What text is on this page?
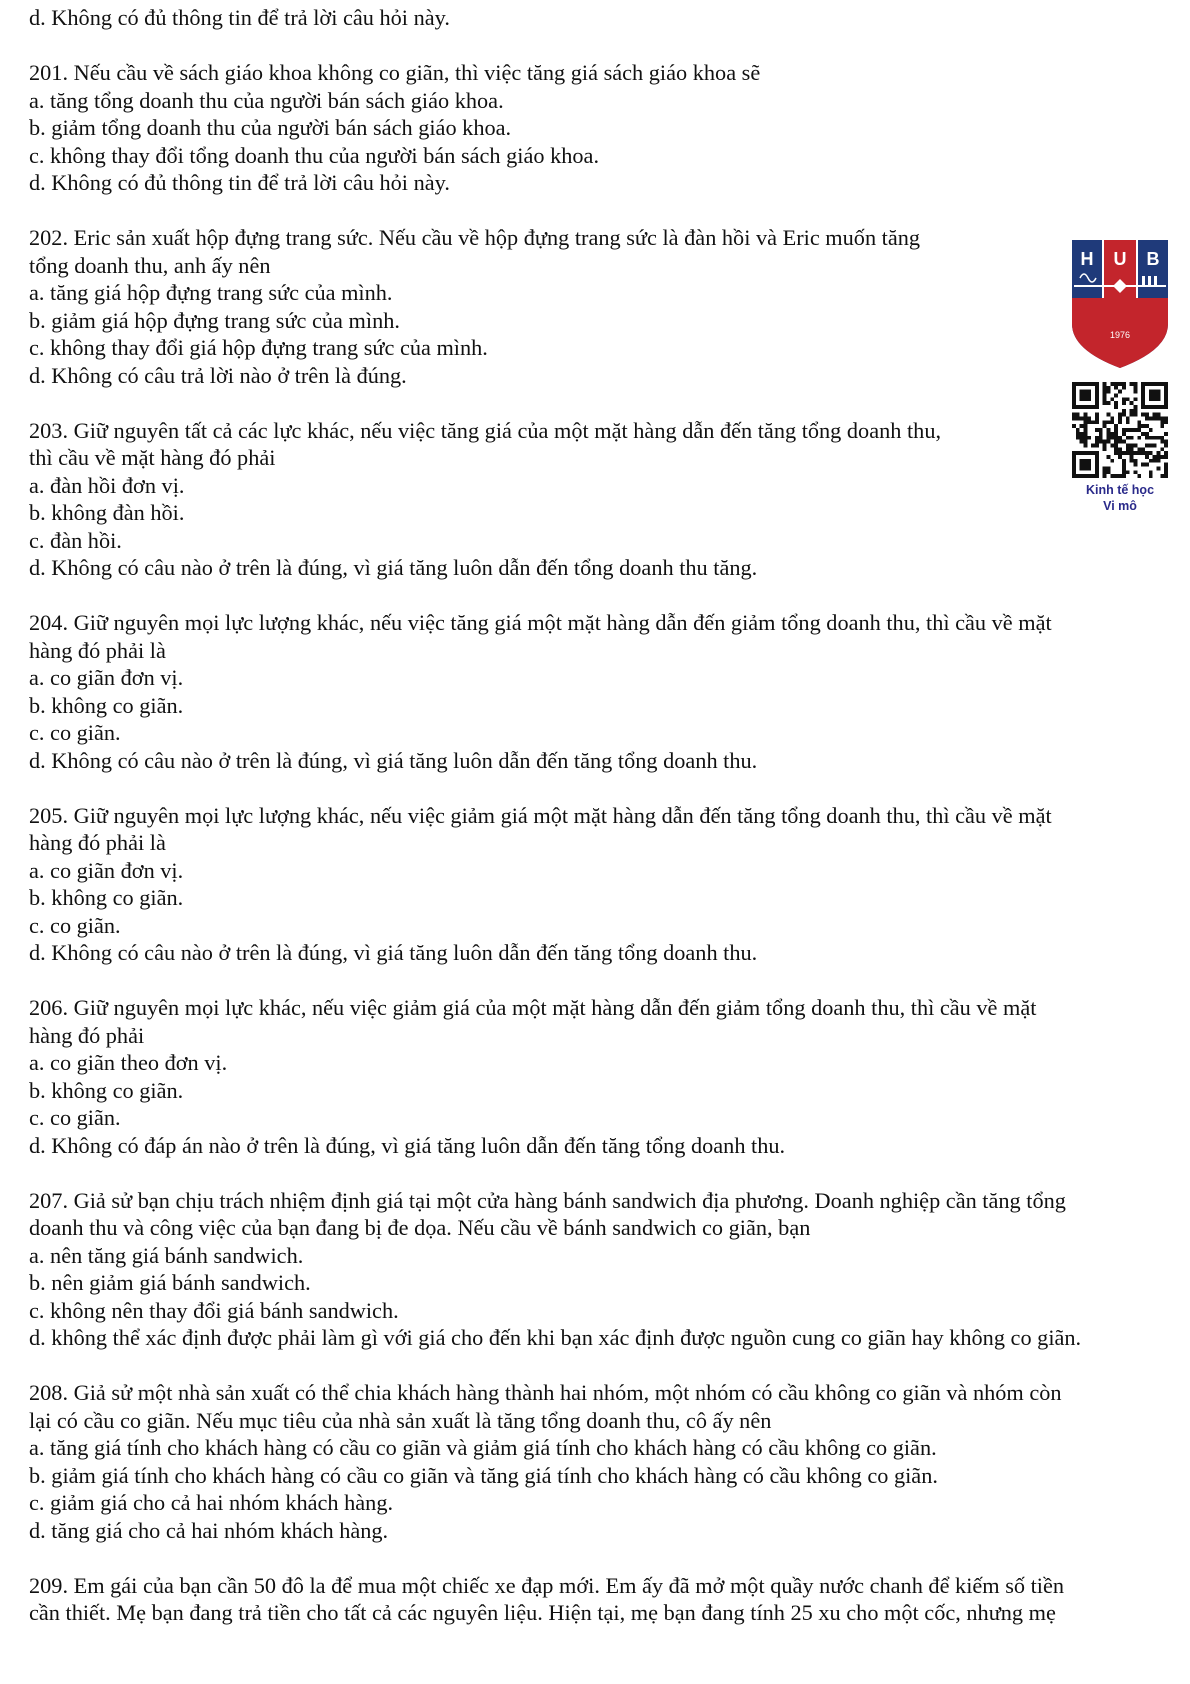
d. Không có đủ thông tin để trả lời câu hỏi này.
201. Nếu cầu về sách giáo khoa không co giãn, thì việc tăng giá sách giáo khoa sẽ
a. tăng tổng doanh thu của người bán sách giáo khoa.
b. giảm tổng doanh thu của người bán sách giáo khoa.
c. không thay đổi tổng doanh thu của người bán sách giáo khoa.
d. Không có đủ thông tin để trả lời câu hỏi này.
202. Eric sản xuất hộp đựng trang sức. Nếu cầu về hộp đựng trang sức là đàn hồi và Eric muốn tăng
tổng doanh thu, anh ấy nên
a. tăng giá hộp đựng trang sức của mình.
b. giảm giá hộp đựng trang sức của mình.
c. không thay đổi giá hộp đựng trang sức của mình.
d. Không có câu trả lời nào ở trên là đúng.
203. Giữ nguyên tất cả các lực khác, nếu việc tăng giá của một mặt hàng dẫn đến tăng tổng doanh thu,
thì cầu về mặt hàng đó phải
a. đàn hồi đơn vị.
b. không đàn hồi.
c. đàn hồi.
d. Không có câu nào ở trên là đúng, vì giá tăng luôn dẫn đến tổng doanh thu tăng.
204. Giữ nguyên mọi lực lượng khác, nếu việc tăng giá một mặt hàng dẫn đến giảm tổng doanh thu, thì cầu về mặt
hàng đó phải là
a. co giãn đơn vị.
b. không co giãn.
c. co giãn.
d. Không có câu nào ở trên là đúng, vì giá tăng luôn dẫn đến tăng tổng doanh thu.
205. Giữ nguyên mọi lực lượng khác, nếu việc giảm giá một mặt hàng dẫn đến tăng tổng doanh thu, thì cầu về mặt
hàng đó phải là
a. co giãn đơn vị.
b. không co giãn.
c. co giãn.
d. Không có câu nào ở trên là đúng, vì giá tăng luôn dẫn đến tăng tổng doanh thu.
206. Giữ nguyên mọi lực khác, nếu việc giảm giá của một mặt hàng dẫn đến giảm tổng doanh thu, thì cầu về mặt
hàng đó phải
a. co giãn theo đơn vị.
b. không co giãn.
c. co giãn.
d. Không có đáp án nào ở trên là đúng, vì giá tăng luôn dẫn đến tăng tổng doanh thu.
207. Giả sử bạn chịu trách nhiệm định giá tại một cửa hàng bánh sandwich địa phương. Doanh nghiệp cần tăng tổng
doanh thu và công việc của bạn đang bị đe dọa. Nếu cầu về bánh sandwich co giãn, bạn
a. nên tăng giá bánh sandwich.
b. nên giảm giá bánh sandwich.
c. không nên thay đổi giá bánh sandwich.
d. không thể xác định được phải làm gì với giá cho đến khi bạn xác định được nguồn cung co giãn hay không co giãn.
208. Giả sử một nhà sản xuất có thể chia khách hàng thành hai nhóm, một nhóm có cầu không co giãn và nhóm còn
lại có cầu co giãn. Nếu mục tiêu của nhà sản xuất là tăng tổng doanh thu, cô ấy nên
a. tăng giá tính cho khách hàng có cầu co giãn và giảm giá tính cho khách hàng có cầu không co giãn.
b. giảm giá tính cho khách hàng có cầu co giãn và tăng giá tính cho khách hàng có cầu không co giãn.
c. giảm giá cho cả hai nhóm khách hàng.
d. tăng giá cho cả hai nhóm khách hàng.
209. Em gái của bạn cần 50 đô la để mua một chiếc xe đạp mới. Em ấy đã mở một quầy nước chanh để kiếm số tiền
cần thiết. Mẹ bạn đang trả tiền cho tất cả các nguyên liệu. Hiện tại, mẹ bạn đang tính 25 xu cho một cốc, nhưng mẹ
H U B
1976
Kinh tế học
Vi mô
